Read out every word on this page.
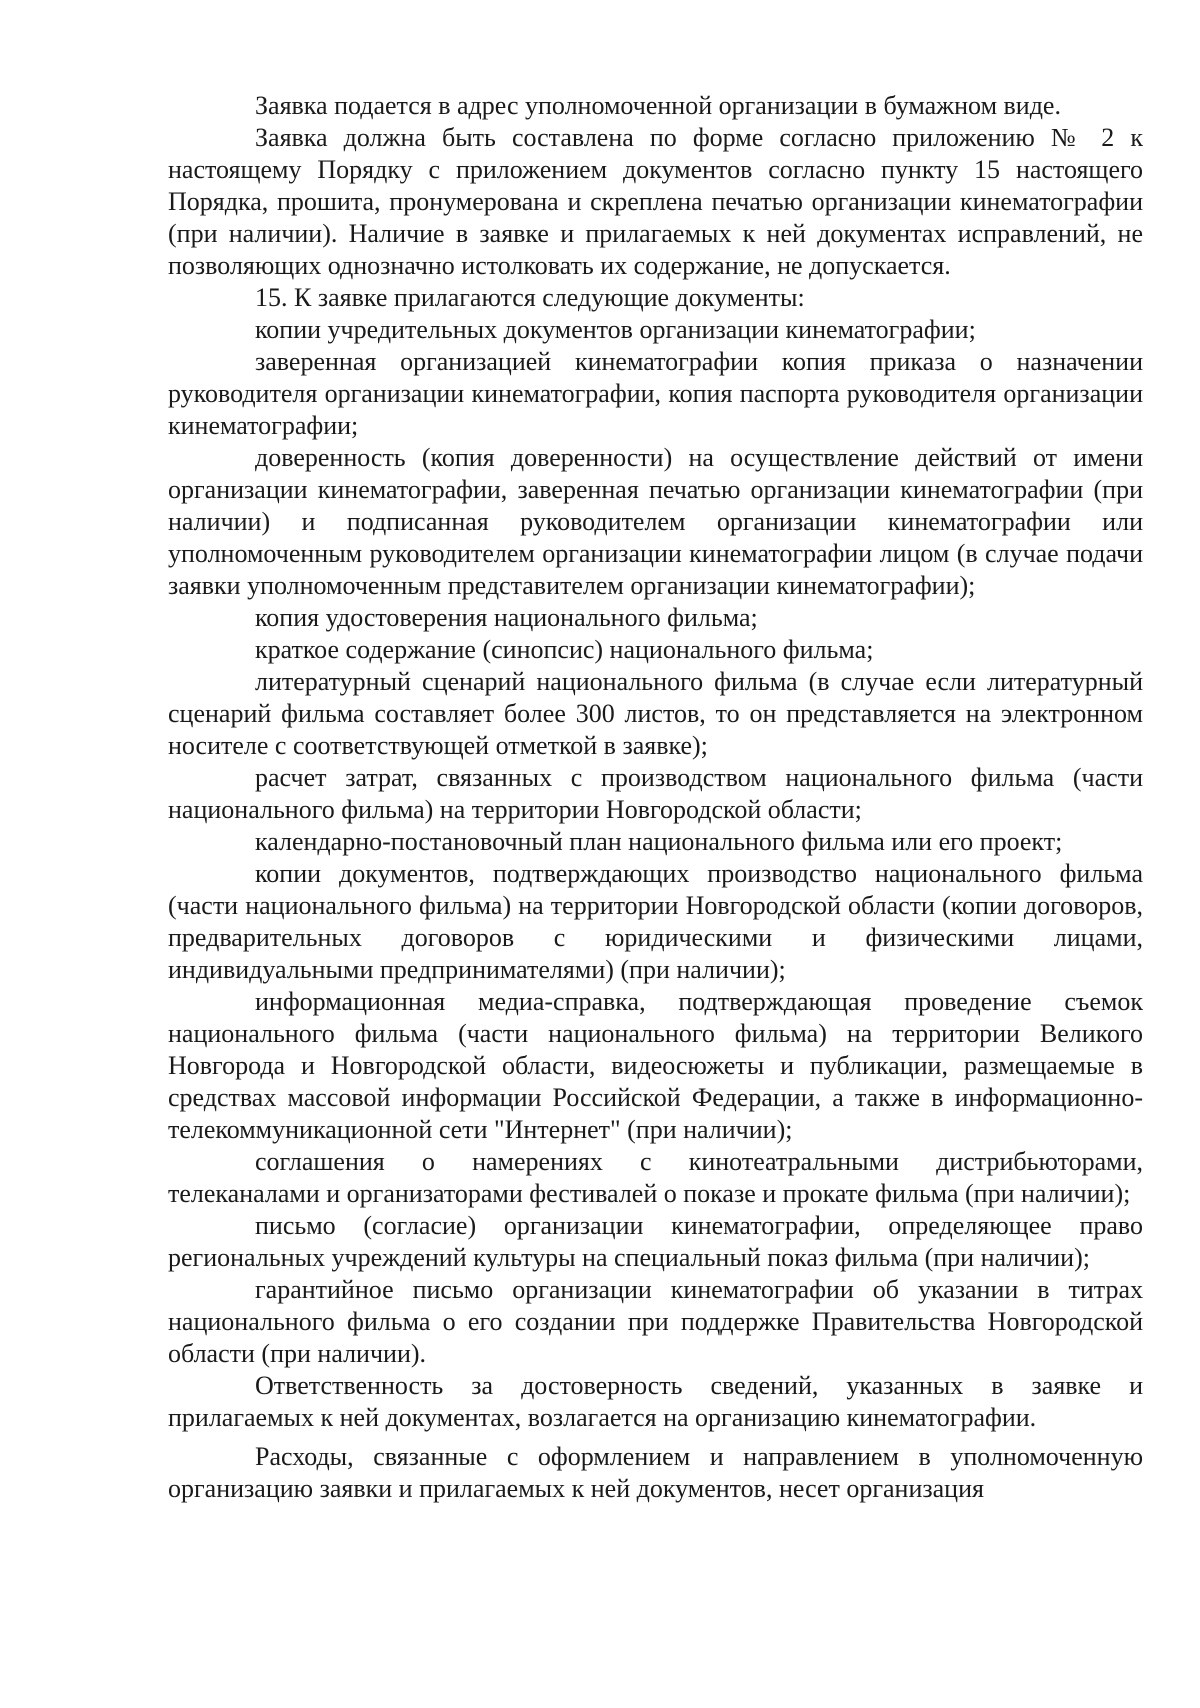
Заявка подается в адрес уполномоченной организации в бумажном виде.

Заявка должна быть составлена по форме согласно приложению № 2 к настоящему Порядку с приложением документов согласно пункту 15 настоящего Порядка, прошита, пронумерована и скреплена печатью организации кинематографии (при наличии). Наличие в заявке и прилагаемых к ней документах исправлений, не позволяющих однозначно истолковать их содержание, не допускается.

15. К заявке прилагаются следующие документы:

копии учредительных документов организации кинематографии;

заверенная организацией кинематографии копия приказа о назначении руководителя организации кинематографии, копия паспорта руководителя организации кинематографии;

доверенность (копия доверенности) на осуществление действий от имени организации кинематографии, заверенная печатью организации кинематографии (при наличии) и подписанная руководителем организации кинематографии или уполномоченным руководителем организации кинематографии лицом (в случае подачи заявки уполномоченным представителем организации кинематографии);

копия удостоверения национального фильма;

краткое содержание (синопсис) национального фильма;

литературный сценарий национального фильма (в случае если литературный сценарий фильма составляет более 300 листов, то он представляется на электронном носителе с соответствующей отметкой в заявке);

расчет затрат, связанных с производством национального фильма (части национального фильма) на территории Новгородской области;

календарно-постановочный план национального фильма или его проект;

копии документов, подтверждающих производство национального фильма (части национального фильма) на территории Новгородской области (копии договоров, предварительных договоров с юридическими и физическими лицами, индивидуальными предпринимателями) (при наличии);

информационная медиа-справка, подтверждающая проведение съемок национального фильма (части национального фильма) на территории Великого Новгорода и Новгородской области, видеосюжеты и публикации, размещаемые в средствах массовой информации Российской Федерации, а также в информационно-телекоммуникационной сети "Интернет" (при наличии);

соглашения о намерениях с кинотеатральными дистрибьюторами, телеканалами и организаторами фестивалей о показе и прокате фильма (при наличии);

письмо (согласие) организации кинематографии, определяющее право региональных учреждений культуры на специальный показ фильма (при наличии);

гарантийное письмо организации кинематографии об указании в титрах национального фильма о его создании при поддержке Правительства Новгородской области (при наличии).

Ответственность за достоверность сведений, указанных в заявке и прилагаемых к ней документах, возлагается на организацию кинематографии.

Расходы, связанные с оформлением и направлением в уполномоченную организацию заявки и прилагаемых к ней документов, несет организация
